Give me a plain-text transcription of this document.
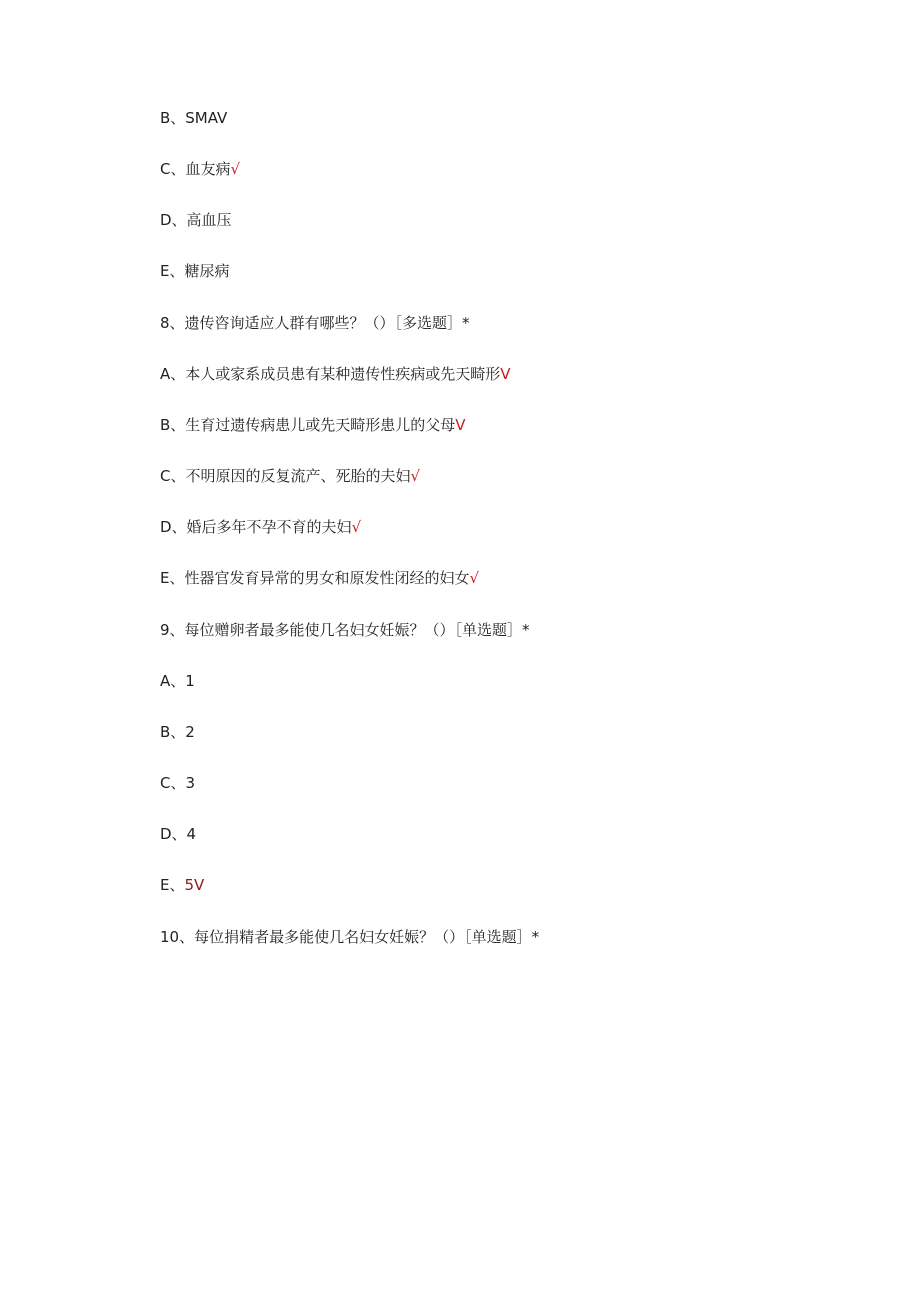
B、SMAV
C、血友病√
D、高血压
E、糖尿病
8、遗传咨询适应人群有哪些？（）［多选题］*
A、本人或家系成员患有某种遗传性疾病或先天畸形V
B、生育过遗传病患儿或先天畸形患儿的父母V
C、不明原因的反复流产、死胎的夫妇√
D、婚后多年不孕不育的夫妇√
E、性器官发育异常的男女和原发性闭经的妇女√
9、每位赠卵者最多能使几名妇女妊娠？（）［单选题］*
A、1
B、2
C、3
D、4
E、5V
10、每位捐精者最多能使几名妇女妊娠？（）［单选题］*
